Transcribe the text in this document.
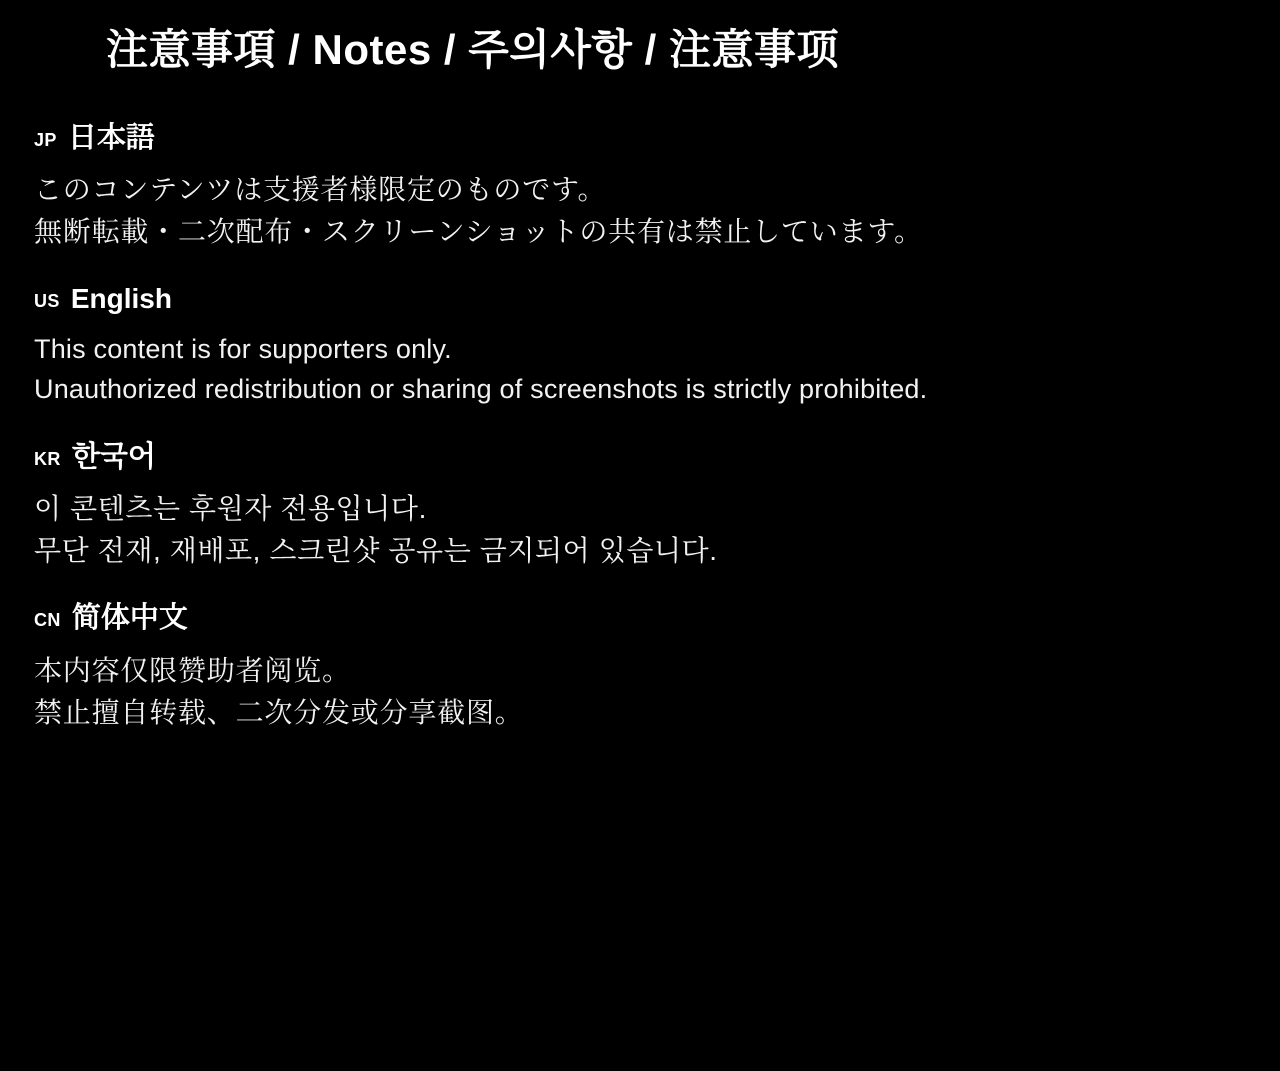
注意事項 / Notes / 주의사항 / 注意事项
JP 日本語
このコンテンツは支援者様限定のものです。
無断転載・二次配布・スクリーンショットの共有は禁止しています。
US English
This content is for supporters only.
Unauthorized redistribution or sharing of screenshots is strictly prohibited.
KR 한국어
이 콘텐츠는 후원자 전용입니다.
무단 전재, 재배포, 스크린샷 공유는 금지되어 있습니다.
CN 简体中文
本内容仅限赞助者阅览。
禁止擅自转载、二次分发或分享截图。
